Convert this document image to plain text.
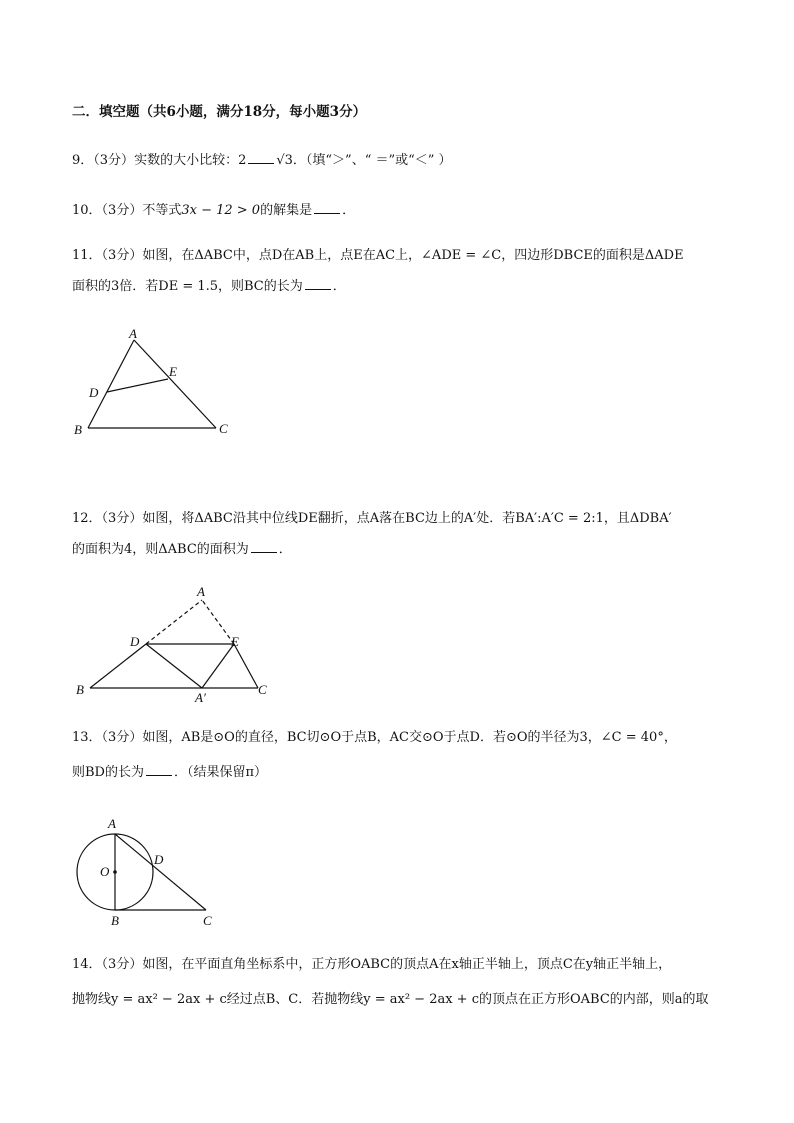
二．填空题（共6小题，满分18分，每小题3分）
9．（3分）实数的大小比较：2 √3．（填“＞”、“ ＝”或“＜” ）
10．（3分）不等式3x − 12 > 0的解集是 ．
11．（3分）如图，在ΔABC中，点D在AB上，点E在AC上，∠ADE = ∠C，四边形DBCE的面积是ΔADE
面积的3倍．若DE = 1.5，则BC的长为 ．
A
E
D
B	C
12．（3分）如图，将ΔABC沿其中位线DE翻折，点A落在BC边上的A′处．若BA′:A′C = 2:1，且ΔDBA′
的面积为4，则ΔABC的面积为 ．
A
D	E
B
A′
C
13．（3分）如图，AB是⊙O的直径，BC切⊙O于点B，AC交⊙O于点D．若⊙O的半径为3，∠C = 40°，
则BD的长为 ．（结果保留π）
A
D
O
B	C
14．（3分）如图，在平面直角坐标系中，正方形OABC的顶点A在x轴正半轴上，顶点C在y轴正半轴上，
抛物线y = ax² − 2ax + c经过点B、C．若抛物线y = ax² − 2ax + c的顶点在正方形OABC的内部，则a的取
